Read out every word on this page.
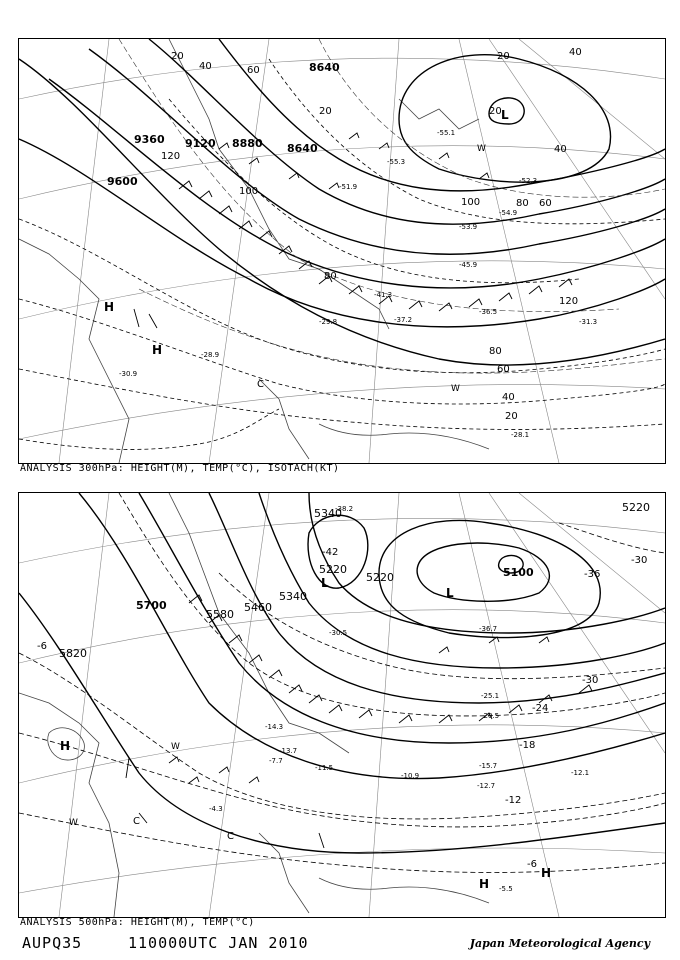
9600
9360 9120 8880 8640
8640
20
40	60
80
100
120
120
100	80 60
40
20
20	40
20
80
60
40
20
-51.9
-55.3
-53.9
-45.9
-41.3
-37.2
-36.5
-31.3
-29.8
-28.9
-28.1
-30.9
-55.1
-52.3
-54.9
H
H
L
C	W
W
ANALYSIS 300hPa: HEIGHT(M), TEMP(°C), ISOTACH(KT)
5820
5700
5580
5460
5340
5340
5220
5220	5100
5220
-6
-12
-18
-24
-30
-36
-42
-30
-6
-36.7
-38.2
-30.5
-25.1
-20.5
-14.3
-13.7
-11.5	-15.7
-12.7
-10.9
-5.5
-4.3
-7.7
-12.1
H
L
L
H
H
C
C
W
W
ANALYSIS 500hPa: HEIGHT(M), TEMP(°C)
AUPQ35	110000UTC JAN 2010	Japan Meteorological Agency
